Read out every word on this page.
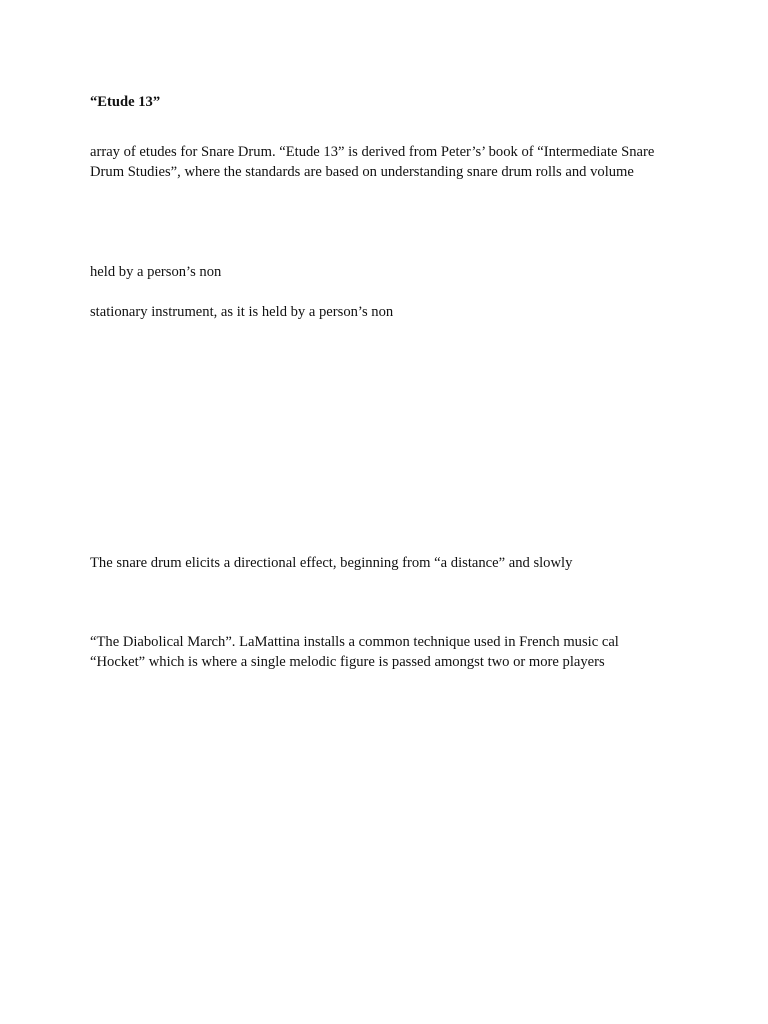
“Etude 13”

array of etudes for Snare Drum. “Etude 13” is derived from Peter’s’ book of “Intermediate Snare

Drum Studies”, where the standards are based on understanding snare drum rolls and volume

held by a person’s non

stationary instrument, as it is held by a person’s non

The snare drum elicits a directional effect, beginning from “a distance” and slowly

“The Diabolical March”. LaMattina installs a common technique used in French music cal

“Hocket” which is where a single melodic figure is passed amongst two or more players
